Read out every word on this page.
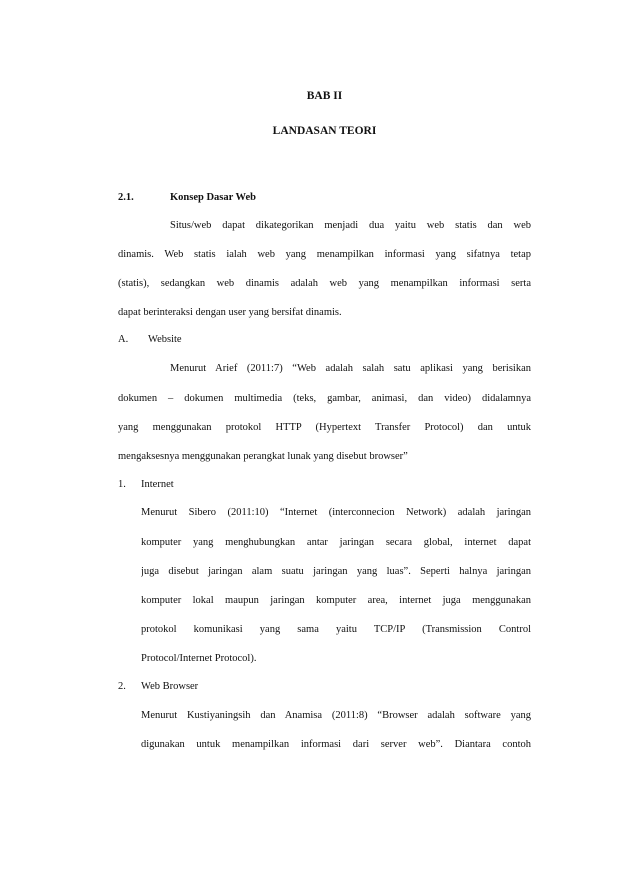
BAB II
LANDASAN TEORI
2.1.	Konsep Dasar Web
Situs/web dapat dikategorikan menjadi dua yaitu web statis dan web
dinamis. Web statis ialah web yang menampilkan informasi yang sifatnya tetap
(statis), sedangkan web dinamis adalah web yang menampilkan informasi serta
dapat berinteraksi dengan user yang bersifat dinamis.
A. Website
Menurut Arief (2011:7) “Web adalah salah satu aplikasi yang berisikan
dokumen – dokumen multimedia (teks, gambar, animasi, dan video) didalamnya
yang menggunakan protokol HTTP (Hypertext Transfer Protocol) dan untuk
mengaksesnya menggunakan perangkat lunak yang disebut browser”
1. Internet
Menurut Sibero (2011:10) “Internet (interconnecion Network) adalah jaringan
komputer yang menghubungkan antar jaringan secara global, internet dapat
juga disebut jaringan alam suatu jaringan yang luas”. Seperti halnya jaringan
komputer lokal maupun jaringan komputer area, internet juga menggunakan
protokol komunikasi yang sama yaitu TCP/IP (Transmission Control
Protocol/Internet Protocol).
2. Web Browser
Menurut Kustiyaningsih dan Anamisa (2011:8) “Browser adalah software yang
digunakan untuk menampilkan informasi dari server web”. Diantara contoh
